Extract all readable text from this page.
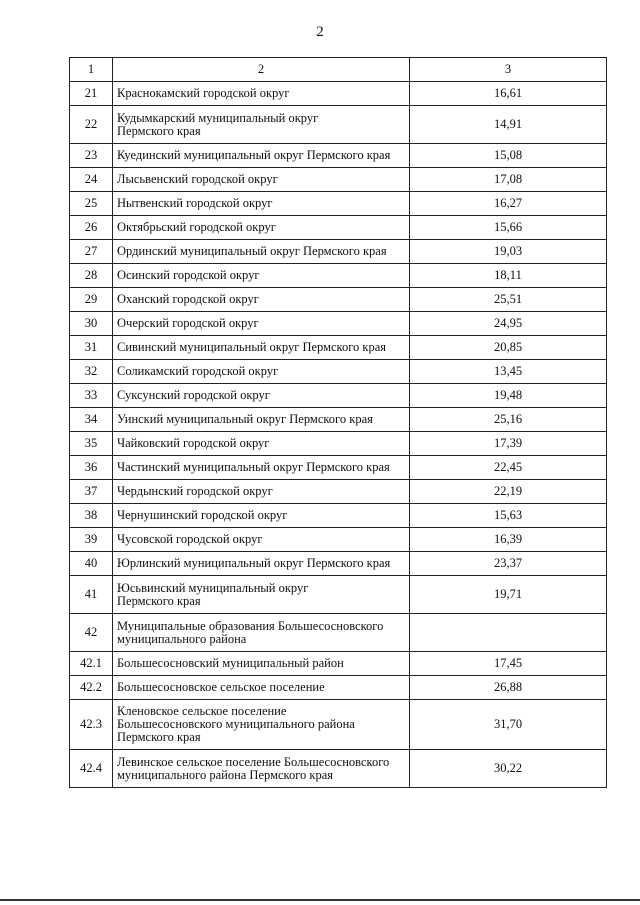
2
1	2	3
21	Краснокамский городской округ	16,61
22	Кудымкарский муниципальный округ
Пермского края	14,91
23	Куединский муниципальный округ Пермского края	15,08
24	Лысьвенский городской округ	17,08
25	Нытвенский городской округ	16,27
26	Октябрьский городской округ	15,66
27	Ординский муниципальный округ Пермского края	19,03
28	Осинский городской округ	18,11
29	Оханский городской округ	25,51
30	Очерский городской округ	24,95
31	Сивинский муниципальный округ Пермского края	20,85
32	Соликамский городской округ	13,45
33	Суксунский городской округ	19,48
34	Уинский муниципальный округ Пермского края	25,16
35	Чайковский городской округ	17,39
36	Частинский муниципальный округ Пермского края	22,45
37	Чердынский городской округ	22,19
38	Чернушинский городской округ	15,63
39	Чусовской городской округ	16,39
40	Юрлинский муниципальный округ Пермского края	23,37
41	Юсьвинский муниципальный округ
Пермского края	19,71
42	Муниципальные образования Большесосновского
муниципального района	
42.1	Большесосновский муниципальный район	17,45
42.2	Большесосновское сельское поселение	26,88
42.3	Кленовское сельское поселение
Большесосновского муниципального района
Пермского края	31,70
42.4	Левинское сельское поселение Большесосновского
муниципального района Пермского края	30,22
